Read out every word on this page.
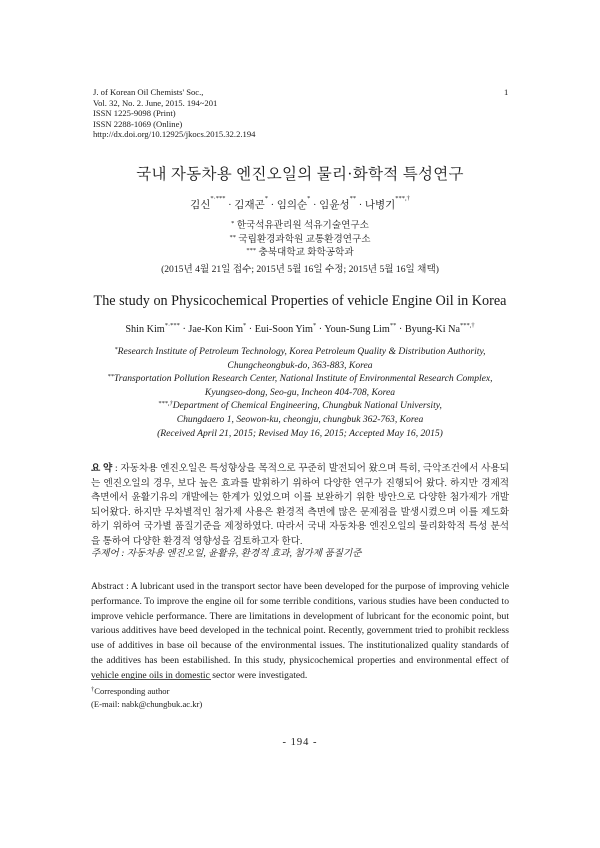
J. of Korean Oil Chemists' Soc.,
Vol. 32, No. 2. June, 2015. 194~201
ISSN 1225-9098 (Print)
ISSN 2288-1069 (Online)
http://dx.doi.org/10.12925/jkocs.2015.32.2.194
1
국내 자동차용 엔진오일의 물리·화학적 특성연구
김신*·*** · 김재곤* · 임의순* · 임윤성** · 나병기***,†
* 한국석유관리원 석유기술연구소
** 국립환경과학원 교통환경연구소
*** 충북대학교 화학공학과
(2015년 4월 21일 접수; 2015년 5월 16일 수정; 2015년 5월 16일 채택)
The study on Physicochemical Properties of vehicle Engine Oil in Korea
Shin Kim*·*** · Jae-Kon Kim* · Eui-Soon Yim* · Youn-Sung Lim** · Byung-Ki Na***,†
*Research Institute of Petroleum Technology, Korea Petroleum Quality & Distribution Authority,
Chungcheongbuk-do, 363-883, Korea
**Transportation Pollution Research Center, National Institute of Environmental Research Complex,
Kyungseo-dong, Seo-gu, Incheon 404-708, Korea
***,†Department of Chemical Engineering, Chungbuk National University,
Chungdaero 1, Seowon-ku, cheongju, chungbuk 362-763, Korea
(Received April 21, 2015; Revised May 16, 2015; Accepted May 16, 2015)
요 약 : 자동차용 엔진오일은 특성향상을 목적으로 꾸준히 발전되어 왔으며 특히, 극악조건에서 사용되는 엔진오일의 경우, 보다 높은 효과를 발휘하기 위하여 다양한 연구가 진행되어 왔다. 하지만 경제적 측면에서 윤활기유의 개발에는 한계가 있었으며 이를 보완하기 위한 방안으로 다양한 첨가제가 개발 되어왔다. 하지만 무차별적인 첨가제 사용은 환경적 측면에 많은 문제점을 발생시켰으며 이를 제도화하기 위하여 국가별 품질기준을 제정하였다. 따라서 국내 자동차용 엔진오일의 물리화학적 특성 분석을 통하여 다양한 환경적 영향성을 검토하고자 한다.
주제어 : 자동차용 엔진오일, 윤활유, 환경적 효과, 첨가제 품질기준
Abstract : A lubricant used in the transport sector have been developed for the purpose of improving vehicle performance. To improve the engine oil for some terrible conditions, various studies have been conducted to improve vehicle performance. There are limitations in development of lubricant for the economic point, but various additives have beed developed in the technical point. Recently, government tried to prohibit reckless use of additives in base oil because of the environmental issues. The institutionalized quality standards of the additives has been estabilished. In this study, physicochemical properties and environmental effect of vehicle engine oils in domestic sector were investigated.
†Corresponding author
(E-mail: nabk@chungbuk.ac.kr)
- 194 -
